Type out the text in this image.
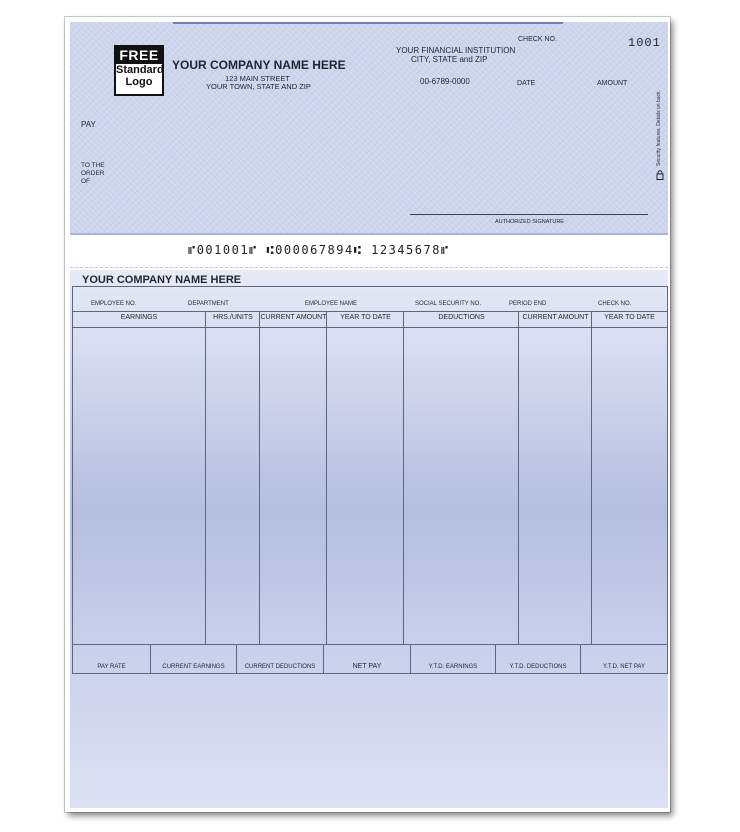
FREE
Standard
Logo
YOUR COMPANY NAME HERE
123 MAIN STREET
YOUR TOWN, STATE AND ZIP
YOUR FINANCIAL INSTITUTION
CITY, STATE and ZIP
00-6789-0000
CHECK NO.	1001
DATE	AMOUNT
PAY
TO THE
ORDER
OF
AUTHORIZED SIGNATURE
Security features. Details on back.
⑈001001⑈ ⑆000067894⑆ 12345678⑈
YOUR COMPANY NAME HERE
EMPLOYEE NO.	DEPARTMENT	EMPLOYEE NAME	SOCIAL SECURITY NO.	PERIOD END	CHECK NO.
EARNINGS	HRS./UNITS	CURRENT AMOUNT	YEAR TO DATE	DEDUCTIONS	CURRENT AMOUNT	YEAR TO DATE
PAY RATE	CURRENT EARNINGS	CURRENT DEDUCTIONS	NET PAY	Y.T.D. EARNINGS	Y.T.D. DEDUCTIONS	Y.T.D. NET PAY
